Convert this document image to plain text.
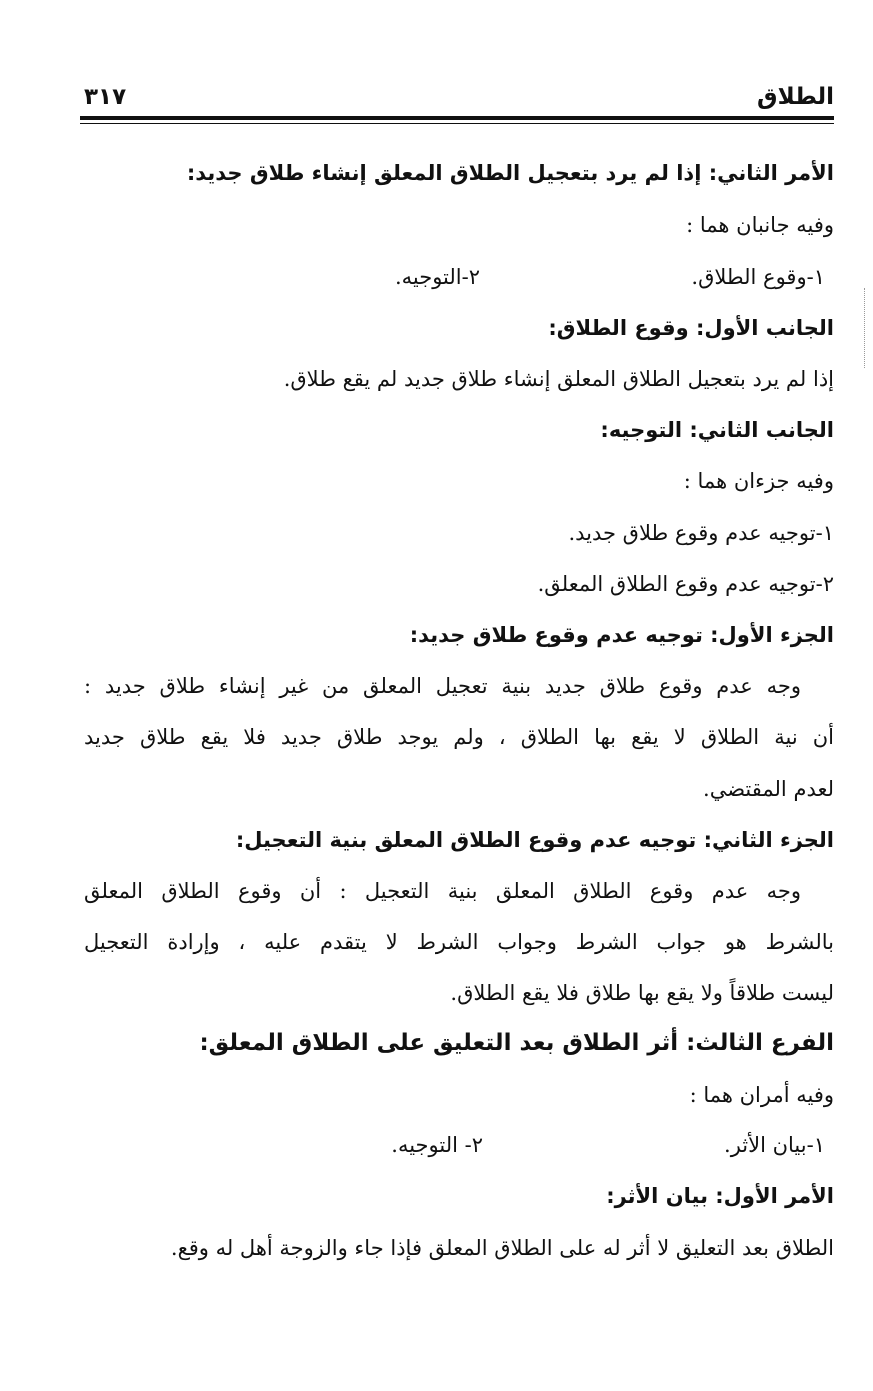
الطلاق
٣١٧
الأمر الثاني: إذا لم يرد بتعجيل الطلاق المعلق إنشاء طلاق جديد:
وفيه جانبان هما :
١-وقوع الطلاق.
٢-التوجيه.
الجانب الأول: وقوع الطلاق:
إذا لم يرد بتعجيل الطلاق المعلق إنشاء طلاق جديد لم يقع طلاق.
الجانب الثاني: التوجيه:
وفيه جزءان هما :
١-توجيه عدم وقوع طلاق جديد.
٢-توجيه عدم وقوع الطلاق المعلق.
الجزء الأول: توجيه عدم وقوع طلاق جديد:
وجه عدم وقوع طلاق جديد بنية تعجيل المعلق من غير إنشاء طلاق جديد :
أن نية الطلاق لا يقع بها الطلاق ، ولم يوجد طلاق جديد فلا يقع طلاق جديد
لعدم المقتضي.
الجزء الثاني: توجيه عدم وقوع الطلاق المعلق بنية التعجيل:
وجه عدم وقوع الطلاق المعلق بنية التعجيل : أن وقوع الطلاق المعلق
بالشرط هو جواب الشرط وجواب الشرط لا يتقدم عليه ، وإرادة التعجيل
ليست طلاقاً ولا يقع بها طلاق فلا يقع الطلاق.
الفرع الثالث: أثر الطلاق بعد التعليق على الطلاق المعلق:
وفيه أمران هما :
١-بيان الأثر.
٢- التوجيه.
الأمر الأول: بيان الأثر:
الطلاق بعد التعليق لا أثر له على الطلاق المعلق فإذا جاء والزوجة أهل له وقع.
